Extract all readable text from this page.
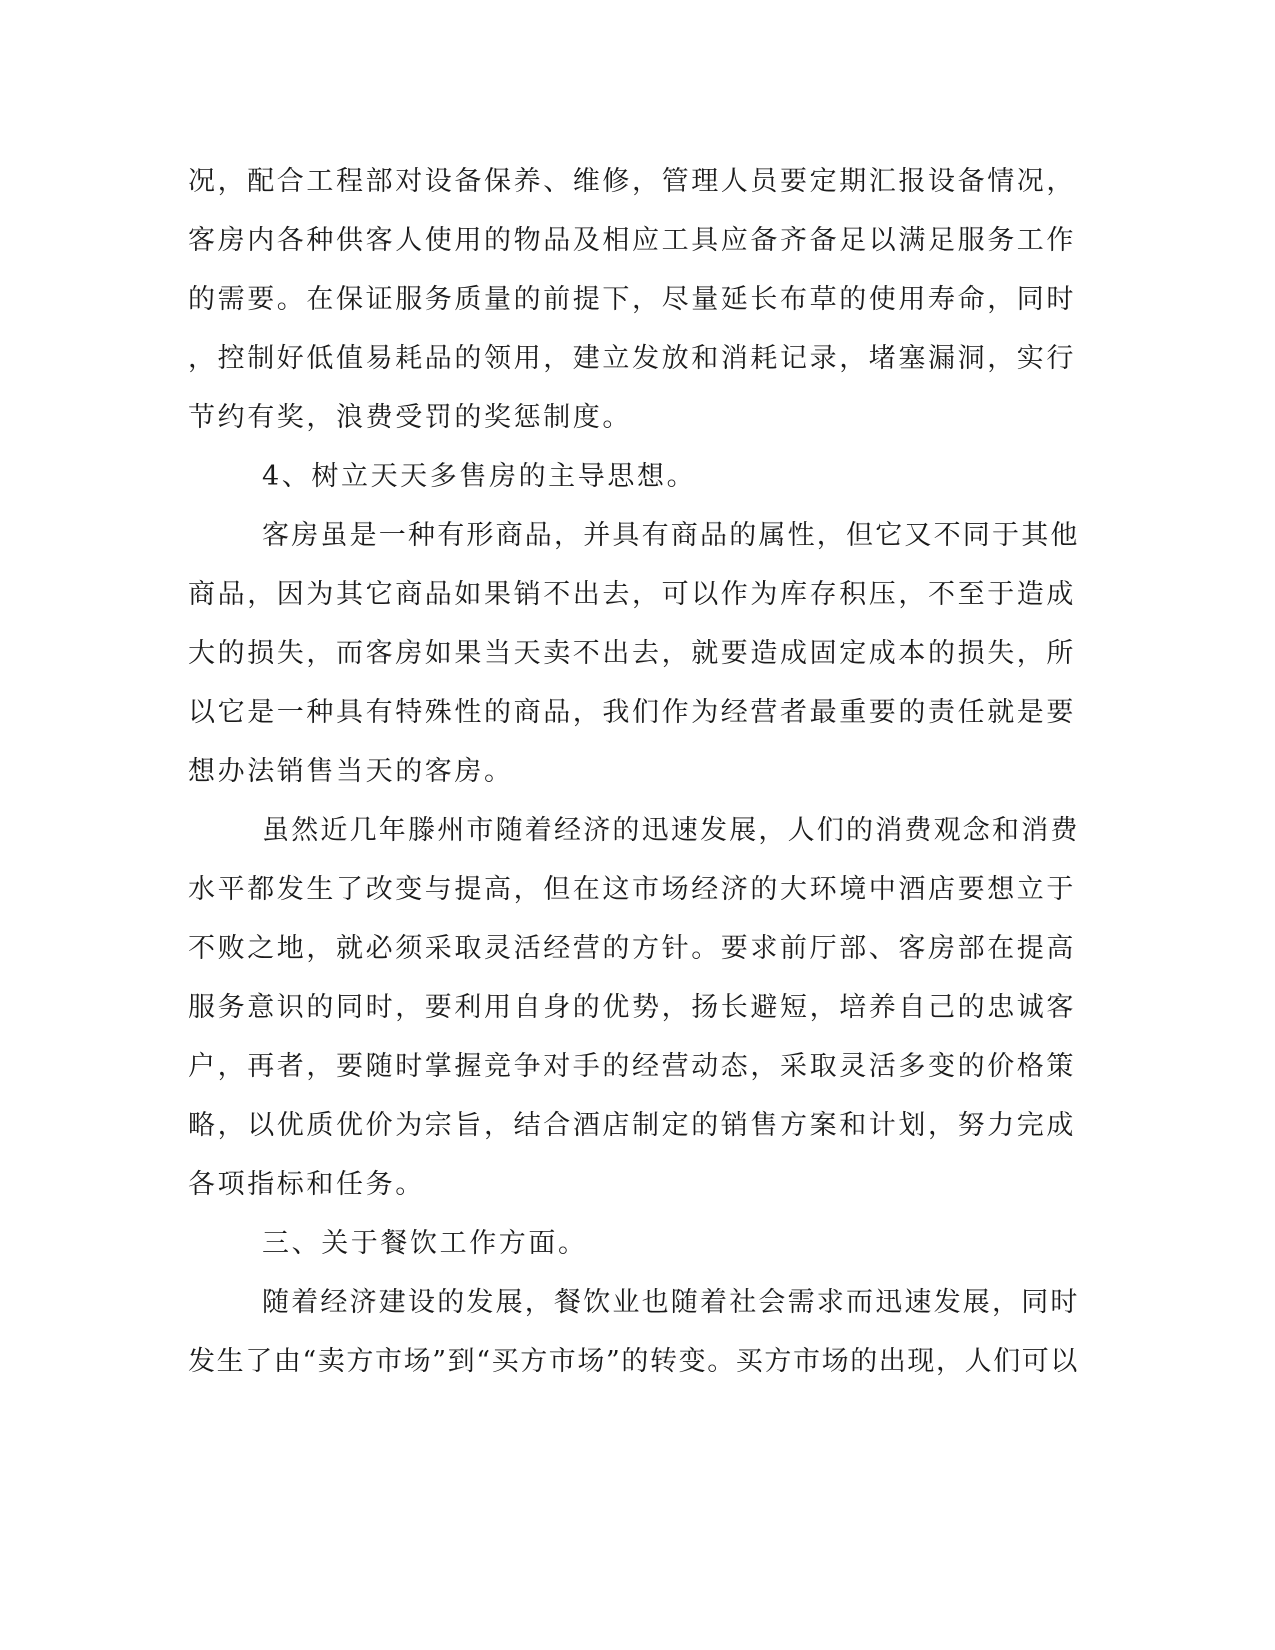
况，配合工程部对设备保养、维修，管理人员要定期汇报设备情况，
客房内各种供客人使用的物品及相应工具应备齐备足以满足服务工作
的需要。在保证服务质量的前提下，尽量延长布草的使用寿命，同时
，控制好低值易耗品的领用，建立发放和消耗记录，堵塞漏洞，实行
节约有奖，浪费受罚的奖惩制度。
4、树立天天多售房的主导思想。
客房虽是一种有形商品，并具有商品的属性，但它又不同于其他
商品，因为其它商品如果销不出去，可以作为库存积压，不至于造成
大的损失，而客房如果当天卖不出去，就要造成固定成本的损失，所
以它是一种具有特殊性的商品，我们作为经营者最重要的责任就是要
想办法销售当天的客房。
虽然近几年滕州市随着经济的迅速发展，人们的消费观念和消费
水平都发生了改变与提高，但在这市场经济的大环境中酒店要想立于
不败之地，就必须采取灵活经营的方针。要求前厅部、客房部在提高
服务意识的同时，要利用自身的优势，扬长避短，培养自己的忠诚客
户，再者，要随时掌握竞争对手的经营动态，采取灵活多变的价格策
略，以优质优价为宗旨，结合酒店制定的销售方案和计划，努力完成
各项指标和任务。
三、关于餐饮工作方面。
随着经济建设的发展，餐饮业也随着社会需求而迅速发展，同时
发生了由“卖方市场”到“买方市场”的转变。买方市场的出现，人们可以
